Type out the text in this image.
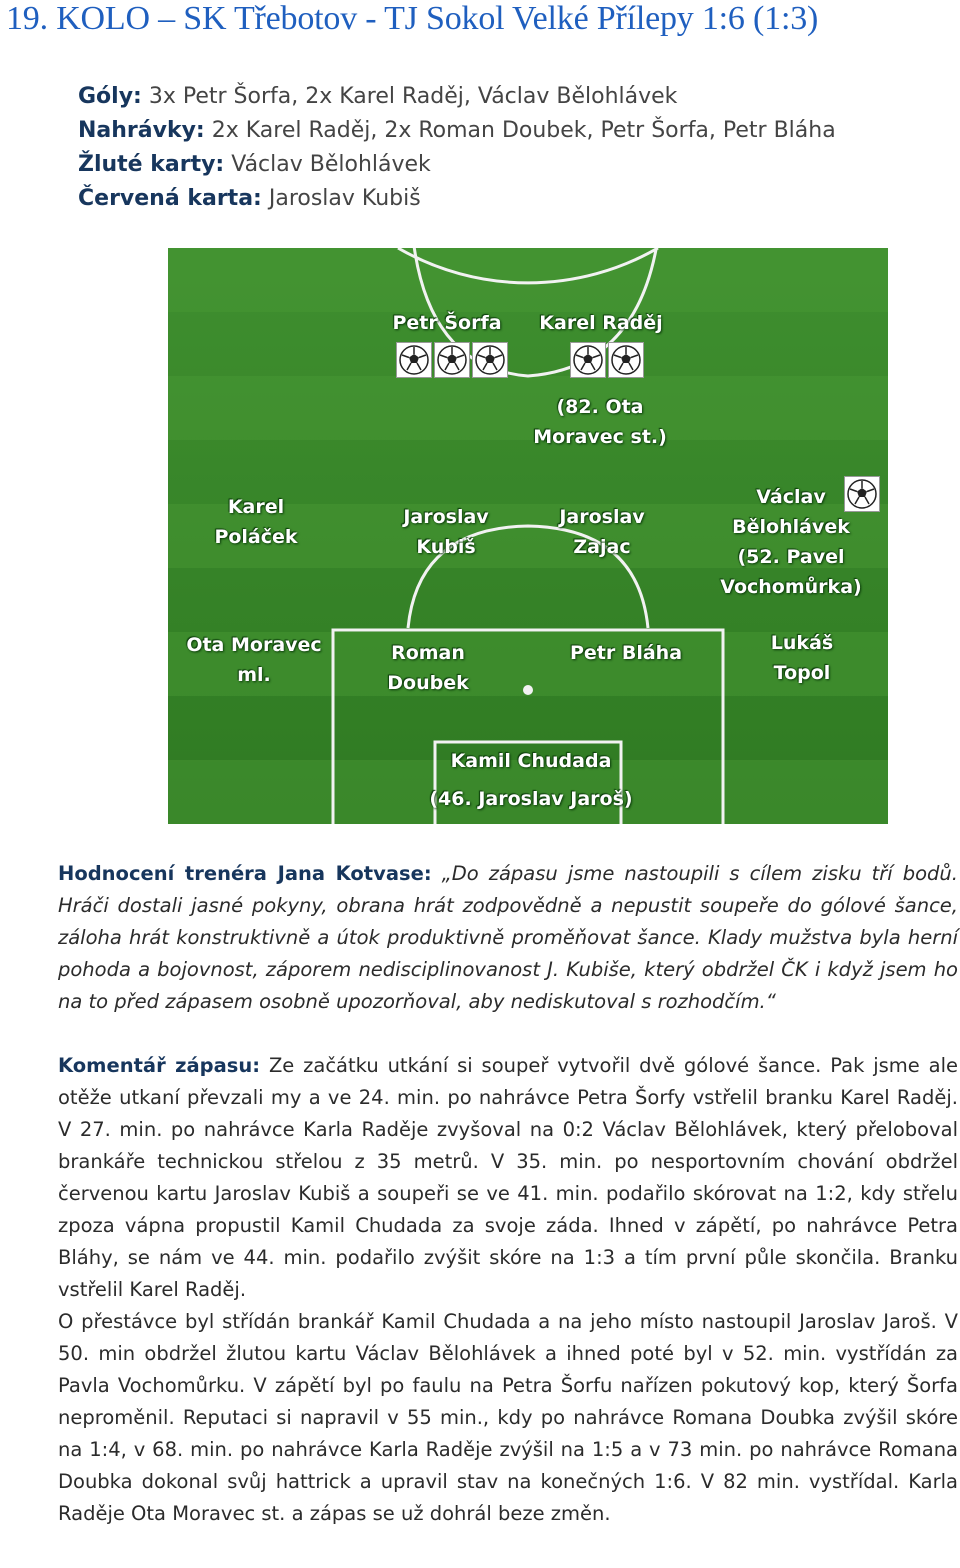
19. KOLO – SK Třebotov - TJ Sokol Velké Přílepy 1:6 (1:3)
Góly: 3x Petr Šorfa, 2x Karel Raděj, Václav Bělohlávek
Nahrávky: 2x Karel Raděj, 2x Roman Doubek, Petr Šorfa, Petr Bláha
Žluté karty: Václav Bělohlávek
Červená karta: Jaroslav Kubiš
Petr Šorfa Karel Raděj
(82. Ota Moravec st.)
Karel Poláček
Jaroslav Kubiš
Jaroslav Zajac
Václav Bělohlávek (52. Pavel Vochomůrka)
Ota Moravec ml.
Roman Doubek
Petr Bláha	Lukáš Topol
Kamil Chudada
(46. Jaroslav Jaroš)

Hodnocení trenéra Jana Kotvase: „Do zápasu jsme nastoupili s cílem zisku tří bodů. Hráči dostali jasné pokyny, obrana hrát zodpovědně a nepustit soupeře do gólové šance, záloha hrát konstruktivně a útok produktivně proměňovat šance. Klady mužstva byla herní pohoda a bojovnost, záporem nedisciplinovanost J. Kubiše, který obdržel ČK i když jsem ho na to před zápasem osobně upozorňoval, aby nediskutoval s rozhodčím.“

Komentář zápasu: Ze začátku utkání si soupeř vytvořil dvě gólové šance. Pak jsme ale otěže utkaní převzali my a ve 24. min. po nahrávce Petra Šorfy vstřelil branku Karel Raděj. V 27. min. po nahrávce Karla Raděje zvyšoval na 0:2 Václav Bělohlávek, který přeloboval brankáře technickou střelou z 35 metrů. V 35. min. po nesportovním chování obdržel červenou kartu Jaroslav Kubiš a soupeři se ve 41. min. podařilo skórovat na 1:2, kdy střelu zpoza vápna propustil Kamil Chudada za svoje záda. Ihned v zápětí, po nahrávce Petra Bláhy, se nám ve 44. min. podařilo zvýšit skóre na 1:3 a tím první půle skončila. Branku vstřelil Karel Raděj.

O přestávce byl střídán brankář Kamil Chudada a na jeho místo nastoupil Jaroslav Jaroš. V 50. min obdržel žlutou kartu Václav Bělohlávek a ihned poté byl v 52. min. vystřídán za Pavla Vochomůrku. V zápětí byl po faulu na Petra Šorfu nařízen pokutový kop, který Šorfa neproměnil. Reputaci si napravil v 55 min., kdy po nahrávce Romana Doubka zvýšil skóre na 1:4, v 68. min. po nahrávce Karla Raděje zvýšil na 1:5 a v 73 min. po nahrávce Romana Doubka dokonal svůj hattrick a upravil stav na konečných 1:6. V 82 min. vystřídal. Karla Raděje Ota Moravec st. a zápas se už dohrál beze změn.
